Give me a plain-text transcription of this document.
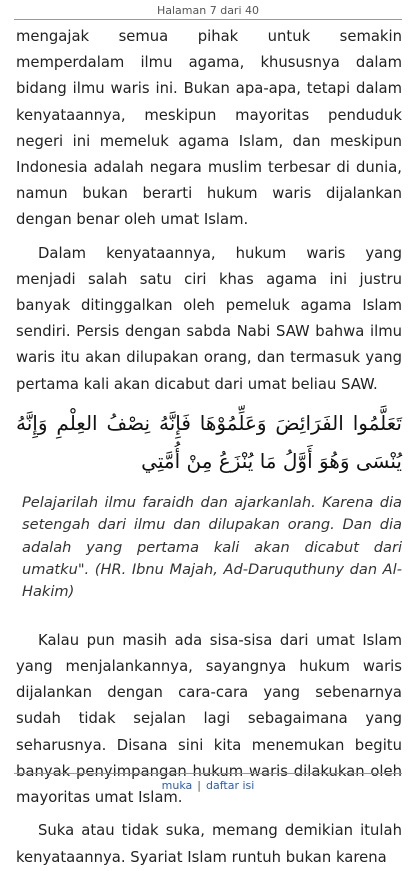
Halaman 7 dari 40

mengajak semua pihak untuk semakin memperdalam ilmu agama, khususnya dalam bidang ilmu waris ini. Bukan apa-apa, tetapi dalam kenyataannya, meskipun mayoritas penduduk negeri ini memeluk agama Islam, dan meskipun Indonesia adalah negara muslim terbesar di dunia, namun bukan berarti hukum waris dijalankan dengan benar oleh umat Islam.

Dalam kenyataannya, hukum waris yang menjadi salah satu ciri khas agama ini justru banyak ditinggalkan oleh pemeluk agama Islam sendiri. Persis dengan sabda Nabi SAW bahwa ilmu waris itu akan dilupakan orang, dan termasuk yang pertama kali akan dicabut dari umat beliau SAW.

تَعَلَّمُوا الفَرَائِضَ وَعَلِّمُوْهَا فَإِنَّهُ نِصْفُ العِلْمِ وَإِنَّهُ يُنْسَى وَهُوَ أَوَّلُ مَا يُنْزَعُ مِنْ أُمَّتِي

Pelajarilah ilmu faraidh dan ajarkanlah. Karena dia setengah dari ilmu dan dilupakan orang. Dan dia adalah yang pertama kali akan dicabut dari umatku". (HR. Ibnu Majah, Ad-Daruquthuny dan Al-Hakim)

Kalau pun masih ada sisa-sisa dari umat Islam yang menjalankannya, sayangnya hukum waris dijalankan dengan cara-cara yang sebenarnya sudah tidak sejalan lagi sebagaimana yang seharusnya. Disana sini kita menemukan begitu banyak penyimpangan hukum waris dilakukan oleh mayoritas umat Islam.

Suka atau tidak suka, memang demikian itulah kenyataannya. Syariat Islam runtuh bukan karena

muka | daftar isi
